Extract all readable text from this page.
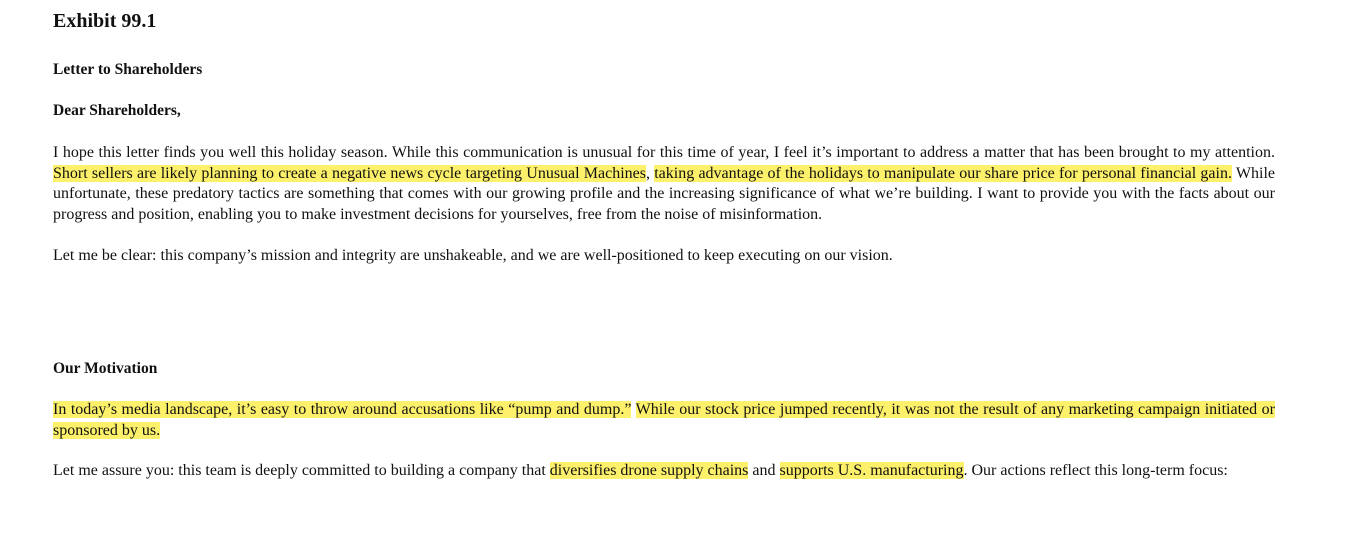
Exhibit 99.1
Letter to Shareholders
Dear Shareholders,

I hope this letter finds you well this holiday season. While this communication is unusual for this time of year, I feel it’s important to address a matter that has been brought to my attention. Short sellers are likely planning to create a negative news cycle targeting Unusual Machines, taking advantage of the holidays to manipulate our share price for personal financial gain. While unfortunate, these predatory tactics are something that comes with our growing profile and the increasing significance of what we’re building. I want to provide you with the facts about our progress and position, enabling you to make investment decisions for yourselves, free from the noise of misinformation.

Let me be clear: this company’s mission and integrity are unshakeable, and we are well-positioned to keep executing on our vision.

Our Motivation

In today’s media landscape, it’s easy to throw around accusations like “pump and dump.” While our stock price jumped recently, it was not the result of any marketing campaign initiated or sponsored by us.

Let me assure you: this team is deeply committed to building a company that diversifies drone supply chains and supports U.S. manufacturing. Our actions reflect this long-term focus:
